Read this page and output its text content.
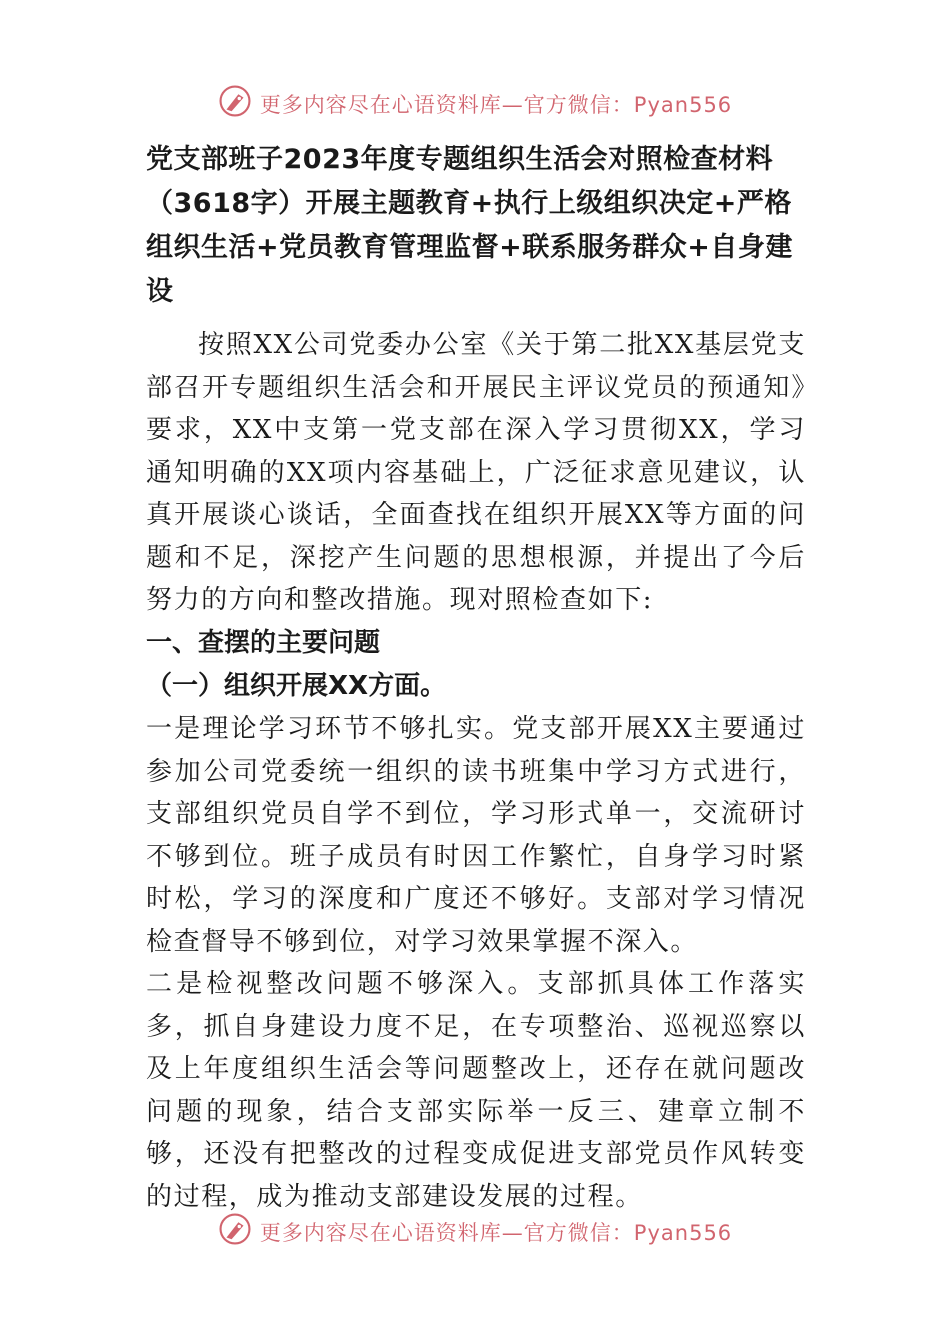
更多内容尽在心语资料库—官方微信：Pyan556
党支部班子2023年度专题组织生活会对照检查材料（3618字）开展主题教育+执行上级组织决定+严格组织生活+党员教育管理监督+联系服务群众+自身建设

按照XX公司党委办公室《关于第二批XX基层党支部召开专题组织生活会和开展民主评议党员的预通知》要求，XX中支第一党支部在深入学习贯彻XX，学习通知明确的XX项内容基础上，广泛征求意见建议，认真开展谈心谈话，全面查找在组织开展XX等方面的问题和不足，深挖产生问题的思想根源，并提出了今后努力的方向和整改措施。现对照检查如下:

一、查摆的主要问题
（一）组织开展XX方面。

一是理论学习环节不够扎实。党支部开展XX主要通过参加公司党委统一组织的读书班集中学习方式进行，支部组织党员自学不到位，学习形式单一，交流研讨不够到位。班子成员有时因工作繁忙，自身学习时紧时松，学习的深度和广度还不够好。支部对学习情况检查督导不够到位，对学习效果掌握不深入。

二是检视整改问题不够深入。支部抓具体工作落实多，抓自身建设力度不足，在专项整治、巡视巡察以及上年度组织生活会等问题整改上，还存在就问题改问题的现象，结合支部实际举一反三、建章立制不够，还没有把整改的过程变成促进支部党员作风转变的过程，成为推动支部建设发展的过程。

更多内容尽在心语资料库—官方微信：Pyan556
